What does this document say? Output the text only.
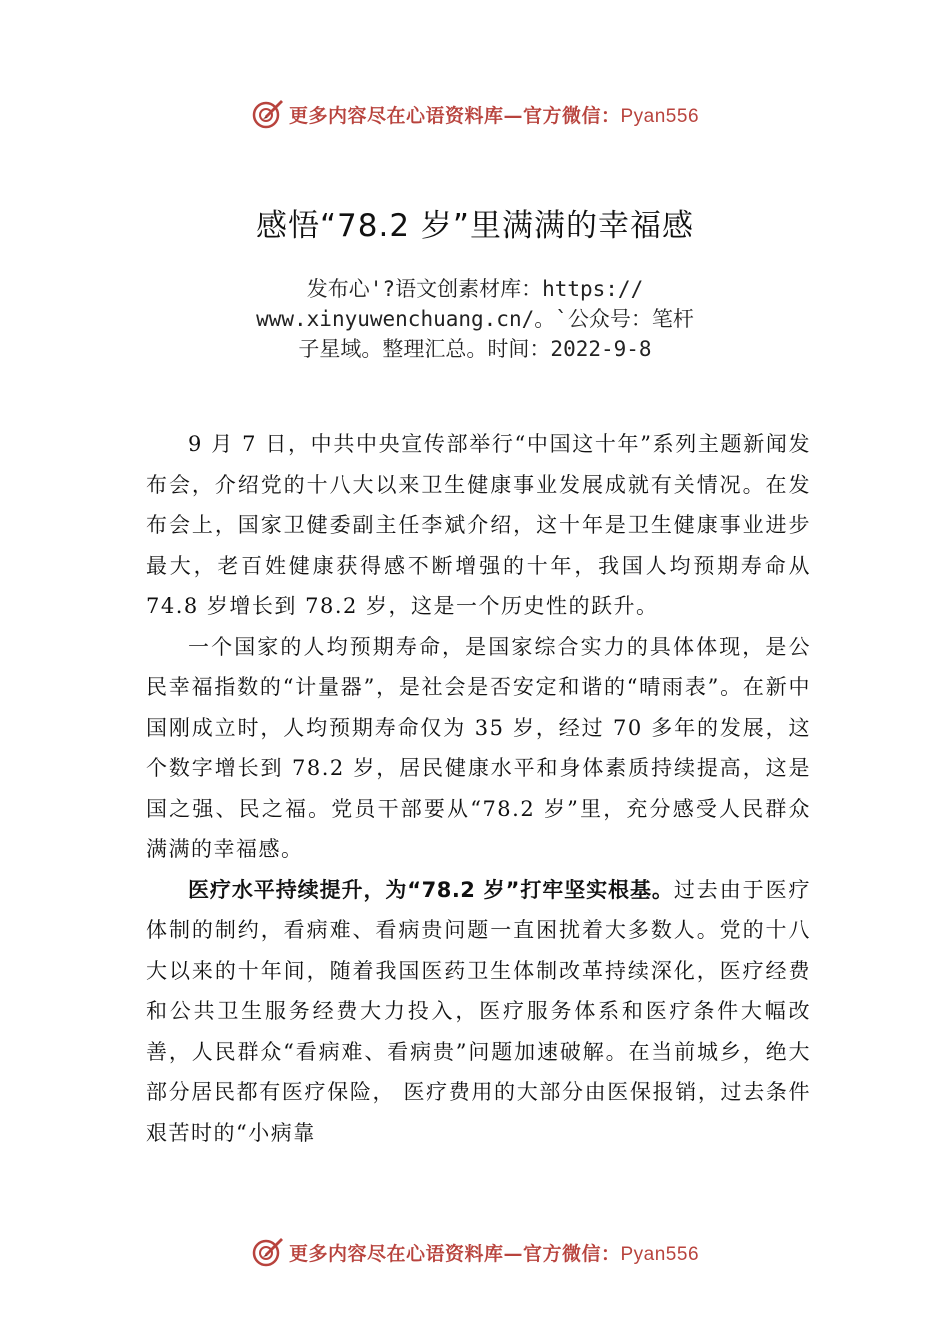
更多内容尽在心语资料库—官方微信：Pyan556
感悟“78.2 岁”里满满的幸福感
发布心'?语文创素材库：https://
www.xinyuwenchuang.cn/。`公众号：笔杆
子星域。整理汇总。时间：2022-9-8

9 月 7 日，中共中央宣传部举行“中国这十年”系列主题新闻发布会，介绍党的十八大以来卫生健康事业发展成就有关情况。在发布会上，国家卫健委副主任李斌介绍，这十年是卫生健康事业进步最大，老百姓健康获得感不断增强的十年，我国人均预期寿命从 74.8 岁增长到 78.2 岁，这是一个历史性的跃升。

一个国家的人均预期寿命，是国家综合实力的具体体现，是公民幸福指数的“计量器”，是社会是否安定和谐的“晴雨表”。在新中国刚成立时，人均预期寿命仅为 35 岁，经过 70 多年的发展，这个数字增长到 78.2 岁，居民健康水平和身体素质持续提高，这是国之强、民之福。党员干部要从“78.2 岁”里，充分感受人民群众满满的幸福感。

医疗水平持续提升，为“78.2 岁”打牢坚实根基。过去由于医疗体制的制约，看病难、看病贵问题一直困扰着大多数人。党的十八大以来的十年间，随着我国医药卫生体制改革持续深化，医疗经费和公共卫生服务经费大力投入，医疗服务体系和医疗条件大幅改善，人民群众“看病难、看病贵”问题加速破解。在当前城乡，绝大部分居民都有医疗保险， 医疗费用的大部分由医保报销，过去条件艰苦时的“小病靠

更多内容尽在心语资料库—官方微信：Pyan556
